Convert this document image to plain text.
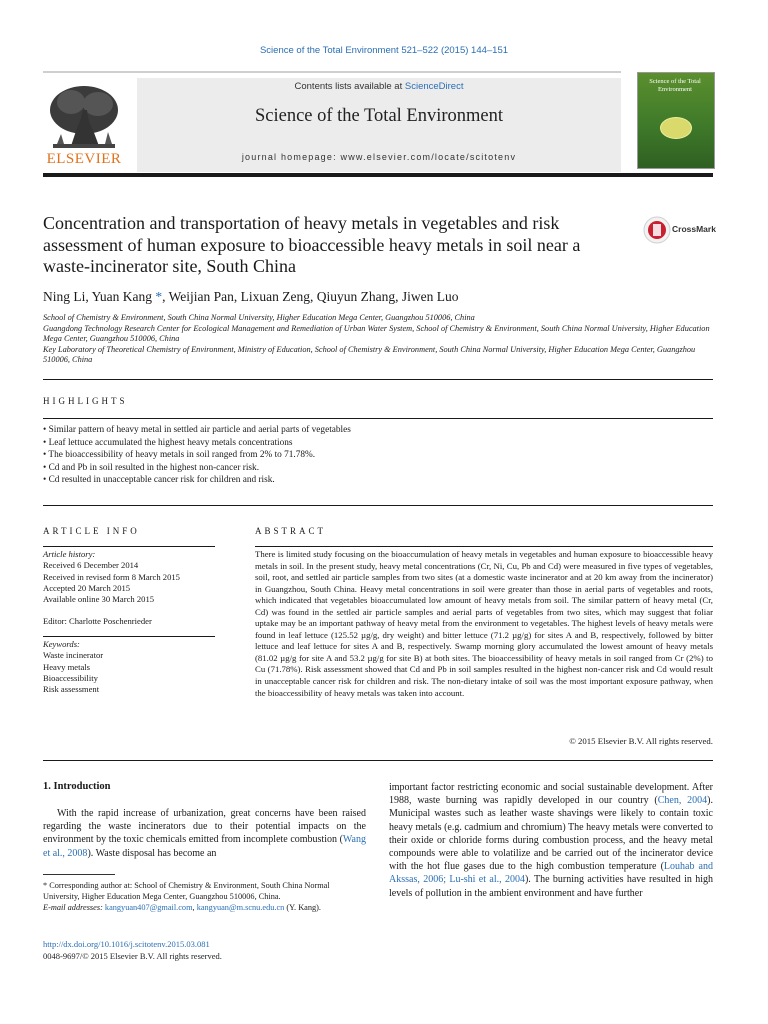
Science of the Total Environment 521–522 (2015) 144–151
ELSEVIER
Contents lists available at ScienceDirect
Science of the Total Environment
journal homepage: www.elsevier.com/locate/scitotenv
Science of the Total Environment
Concentration and transportation of heavy metals in vegetables and risk assessment of human exposure to bioaccessible heavy metals in soil near a waste-incinerator site, South China
CrossMark
Ning Li, Yuan Kang *, Weijian Pan, Lixuan Zeng, Qiuyun Zhang, Jiwen Luo
School of Chemistry & Environment, South China Normal University, Higher Education Mega Center, Guangzhou 510006, China
Guangdong Technology Research Center for Ecological Management and Remediation of Urban Water System, School of Chemistry & Environment, South China Normal University, Higher Education Mega Center, Guangzhou 510006, China
Key Laboratory of Theoretical Chemistry of Environment, Ministry of Education, School of Chemistry & Environment, South China Normal University, Higher Education Mega Center, Guangzhou 510006, China
HIGHLIGHTS
• Similar pattern of heavy metal in settled air particle and aerial parts of vegetables
• Leaf lettuce accumulated the highest heavy metals concentrations
• The bioaccessibility of heavy metals in soil ranged from 2% to 71.78%.
• Cd and Pb in soil resulted in the highest non-cancer risk.
• Cd resulted in unacceptable cancer risk for children and risk.
ARTICLE INFO	ABSTRACT
Article history:
Received 6 December 2014
Received in revised form 8 March 2015
Accepted 20 March 2015
Available online 30 March 2015
Editor: Charlotte Poschenrieder
Keywords:
Waste incinerator
Heavy metals
Bioaccessibility
Risk assessment
There is limited study focusing on the bioaccumulation of heavy metals in vegetables and human exposure to bioaccessible heavy metals in soil. In the present study, heavy metal concentrations (Cr, Ni, Cu, Pb and Cd) were measured in five types of vegetables, soil, root, and settled air particle samples from two sites (at a domestic waste incinerator and at 20 km away from the incinerator) in Guangzhou, South China. Heavy metal concentrations in soil were greater than those in aerial parts of vegetables and roots, which indicated that vegetables bioaccumulated low amount of heavy metals from soil. The similar pattern of heavy metal (Cr, Cd) was found in the settled air particle samples and aerial parts of vegetables from two sites, which may suggest that foliar uptake may be an important pathway of heavy metal from the environment to vegetables. The highest levels of heavy metals were found in leaf lettuce (125.52 µg/g, dry weight) and bitter lettuce (71.2 µg/g) for sites A and B, respectively, followed by bitter lettuce and leaf lettuce for sites A and B, respectively. Swamp morning glory accumulated the lowest amount of heavy metals (81.02 µg/g for site A and 53.2 µg/g for site B) at both sites. The bioaccessibility of heavy metals in soil ranged from Cr (2%) to Cu (71.78%). Risk assessment showed that Cd and Pb in soil samples resulted in the highest non-cancer risk and Cd would result in unacceptable cancer risk for children and risk. The non-dietary intake of soil was the most important exposure pathway, when the bioaccessibility of heavy metals was taken into account.
© 2015 Elsevier B.V. All rights reserved.
1. Introduction
With the rapid increase of urbanization, great concerns have been raised regarding the waste incinerators due to their potential impacts on the environment by the toxic chemicals emitted from incomplete combustion (Wang et al., 2008). Waste disposal has become an
important factor restricting economic and social sustainable development. After 1988, waste burning was rapidly developed in our country (Chen, 2004). Municipal wastes such as leather waste shavings were likely to contain toxic heavy metals (e.g. cadmium and chromium) The heavy metals were converted to their oxide or chloride forms during combustion process, and the heavy metal compounds were able to volatilize and be carried out of the incinerator device with the hot flue gases due to the high combustion temperature (Louhab and Akssas, 2006; Lu-shi et al., 2004). The burning activities have resulted in high levels of pollution in the ambient environment and have further
* Corresponding author at: School of Chemistry & Environment, South China Normal University, Higher Education Mega Center, Guangzhou 510006, China.
E-mail addresses: kangyuan407@gmail.com, kangyuan@m.scnu.edu.cn (Y. Kang).
http://dx.doi.org/10.1016/j.scitotenv.2015.03.081
0048-9697/© 2015 Elsevier B.V. All rights reserved.
